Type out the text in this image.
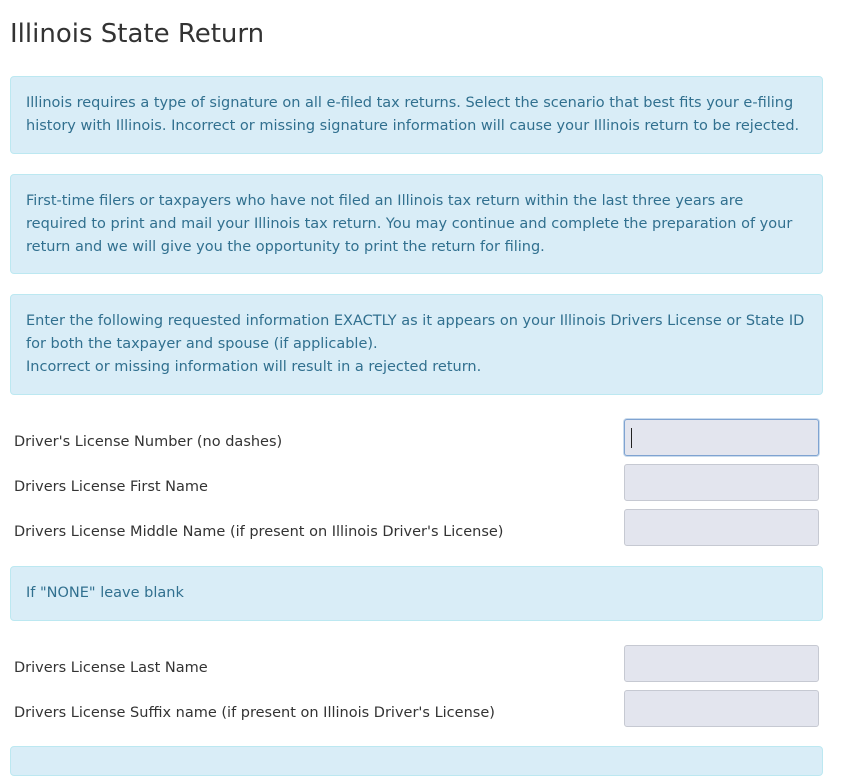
Illinois State Return

Illinois requires a type of signature on all e-filed tax returns. Select the scenario that best fits your e-filing history with Illinois. Incorrect or missing signature information will cause your Illinois return to be rejected.

First-time filers or taxpayers who have not filed an Illinois tax return within the last three years are required to print and mail your Illinois tax return. You may continue and complete the preparation of your return and we will give you the opportunity to print the return for filing.

Enter the following requested information EXACTLY as it appears on your Illinois Drivers License or State ID for both the taxpayer and spouse (if applicable).

Incorrect or missing information will result in a rejected return.

Driver's License Number (no dashes)
Drivers License First Name
Drivers License Middle Name (if present on Illinois Driver's License)

If "NONE" leave blank

Drivers License Last Name
Drivers License Suffix name (if present on Illinois Driver's License)
